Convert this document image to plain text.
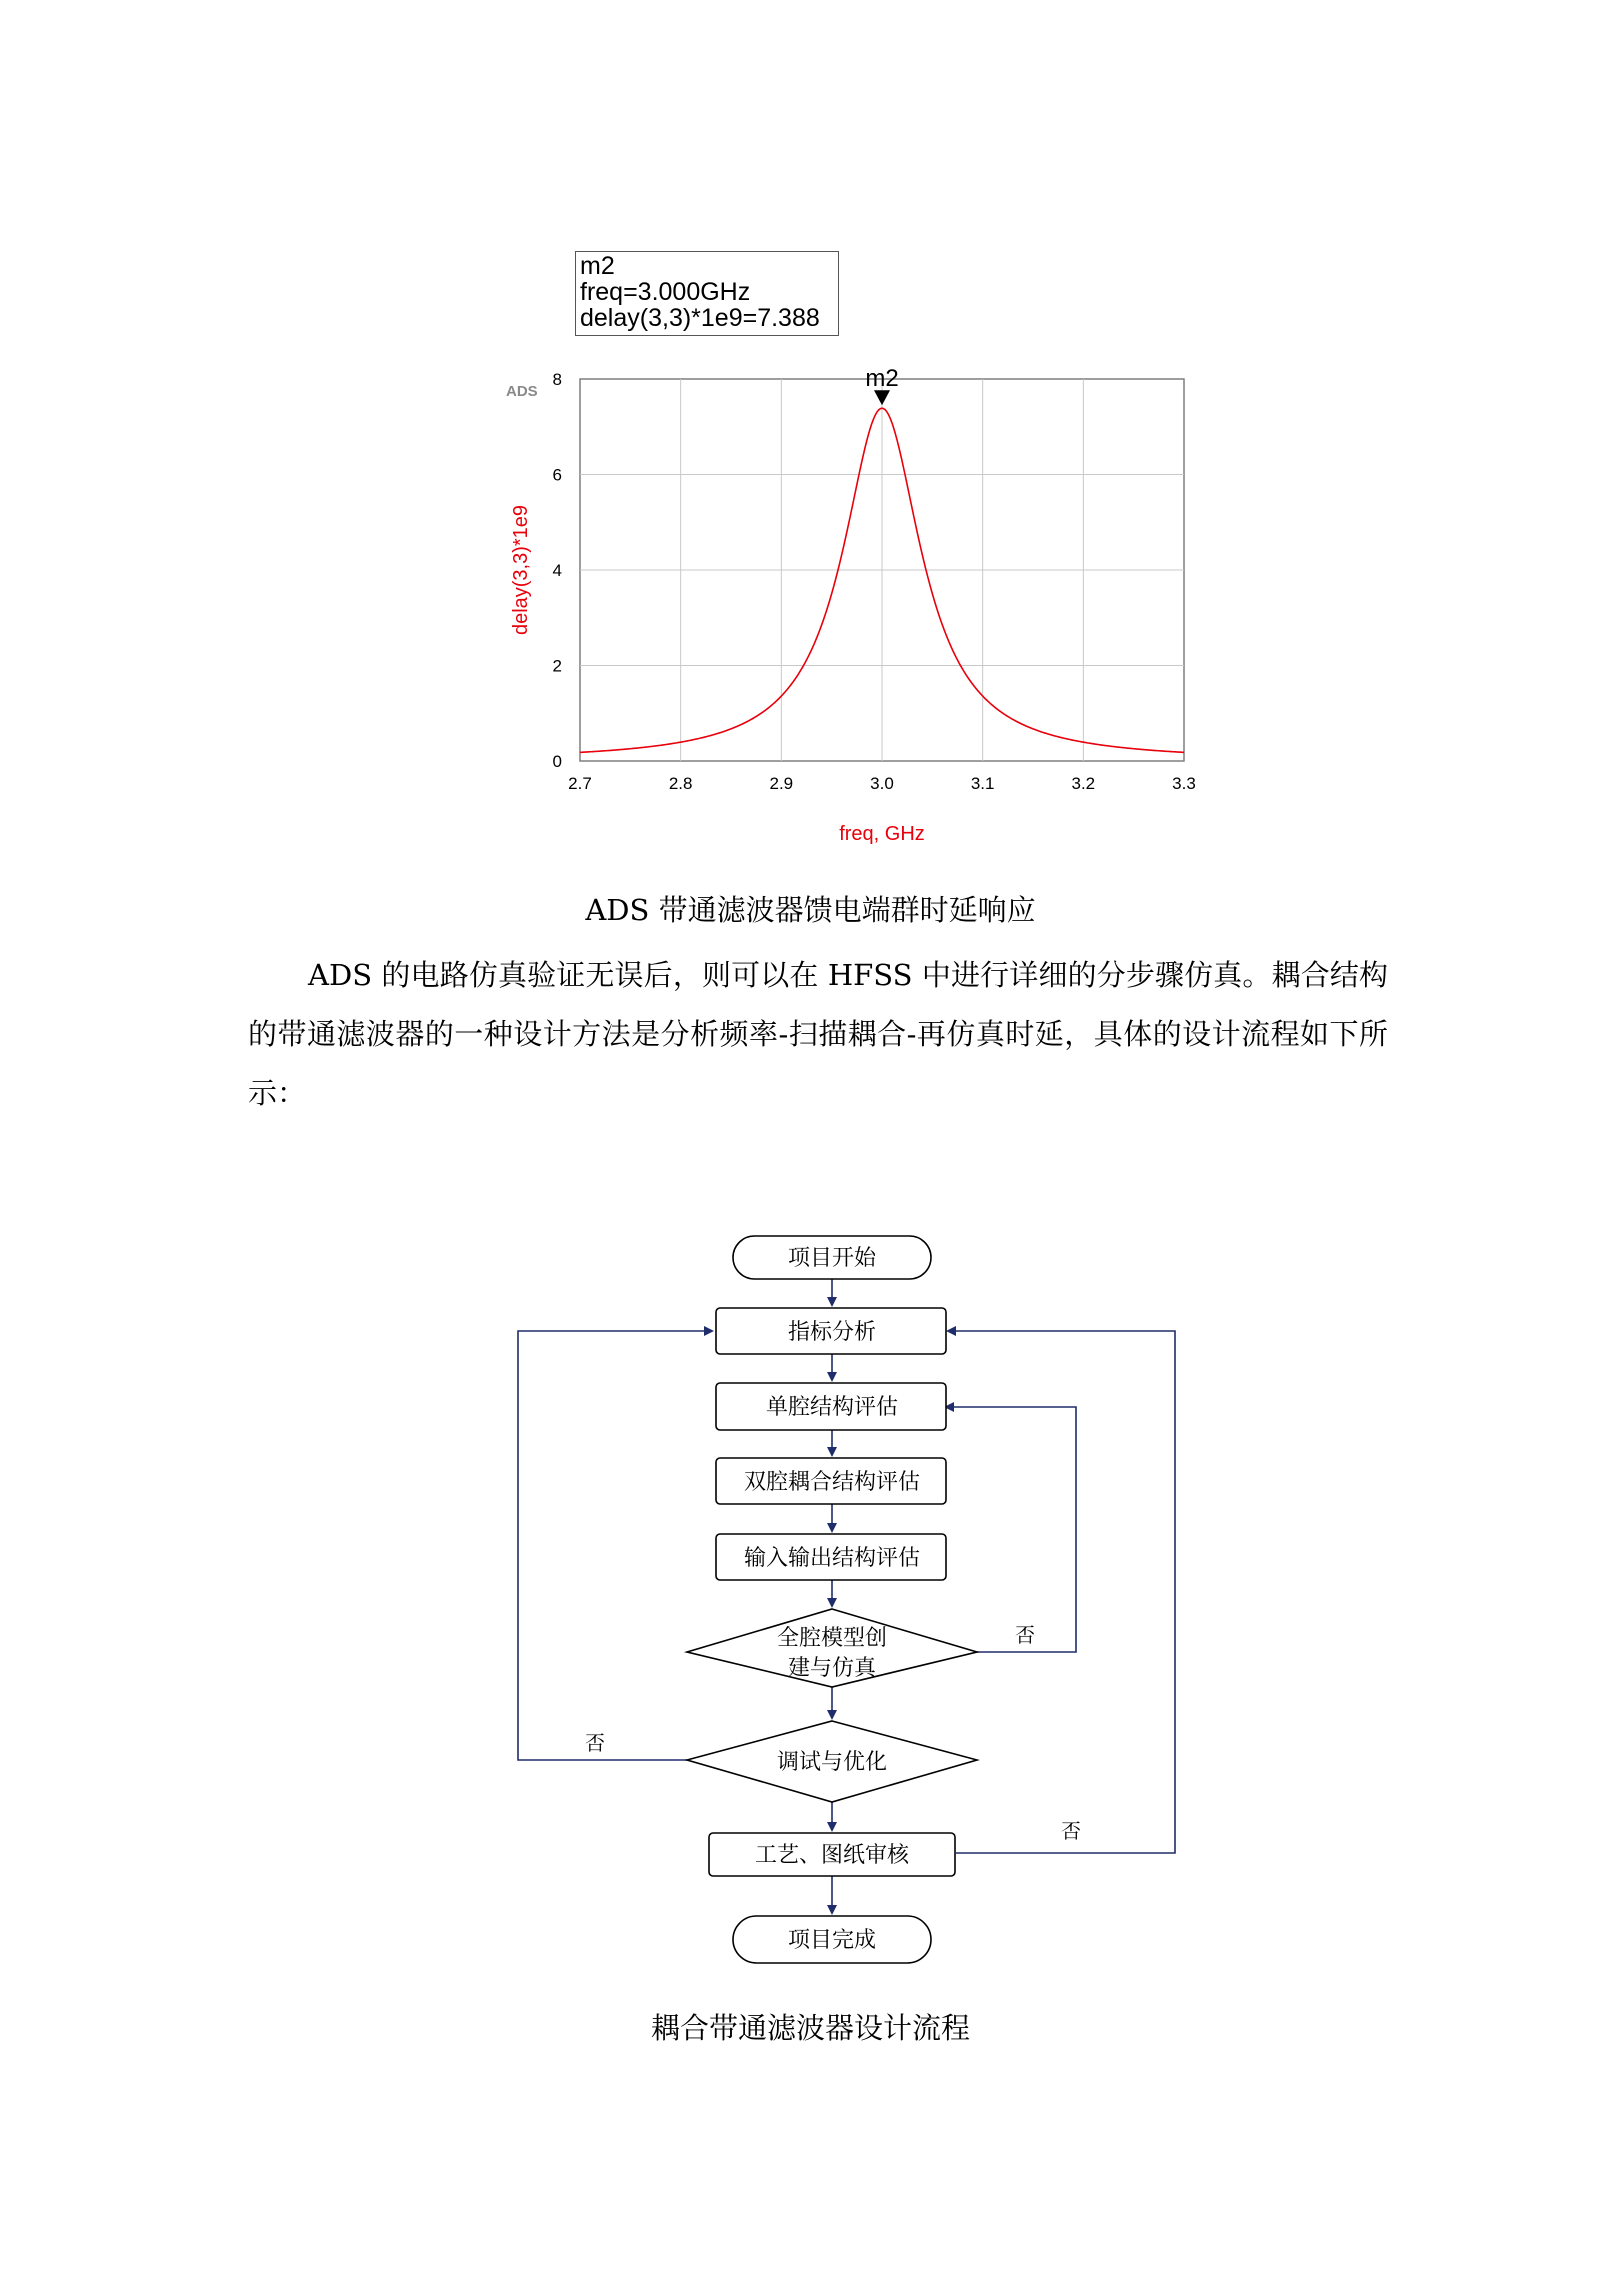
0
2
4
6
8
2.7	2.8	2.9	3.0	3.1	3.2	3.3
m2
ADS
delay(3,3)*1e9
freq, GHz
m2
freq=3.000GHz
delay(3,3)*1e9=7.388
ADS 带通滤波器馈电端群时延响应

ADS 的电路仿真验证无误后，则可以在 HFSS 中进行详细的分步骤仿真。耦合结构的带通滤波器的一种设计方法是分析频率-扫描耦合-再仿真时延，具体的设计流程如下所示：

项目开始
指标分析
单腔结构评估
双腔耦合结构评估
输入输出结构评估
全腔模型创
建与仿真
调试与优化
工艺、图纸审核
项目完成
否
否
否
耦合带通滤波器设计流程
